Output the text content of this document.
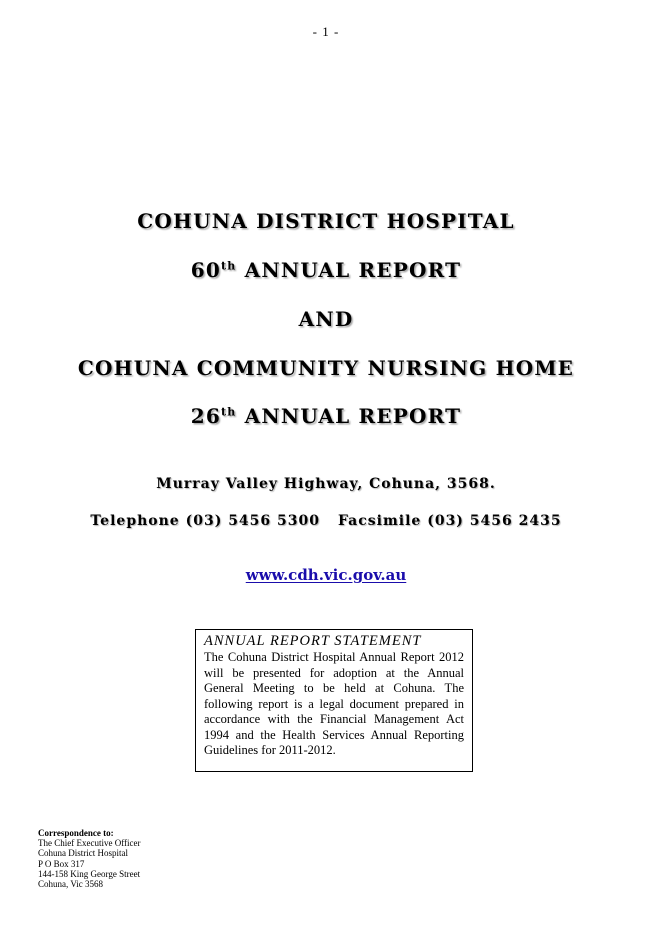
- 1 -
COHUNA DISTRICT HOSPITAL
60th ANNUAL REPORT
AND
COHUNA COMMUNITY NURSING HOME
26th ANNUAL REPORT
Murray Valley Highway, Cohuna, 3568.
Telephone (03) 5456 5300 Facsimile (03) 5456 2435
www.cdh.vic.gov.au
ANNUAL REPORT STATEMENT

The Cohuna District Hospital Annual Report 2012 will be presented for adoption at the Annual General Meeting to be held at Cohuna. The following report is a legal document prepared in accordance with the Financial Management Act 1994 and the Health Services Annual Reporting Guidelines for 2011-2012.

Correspondence to:
The Chief Executive Officer
Cohuna District Hospital
P O Box 317
144-158 King George Street
Cohuna, Vic 3568
